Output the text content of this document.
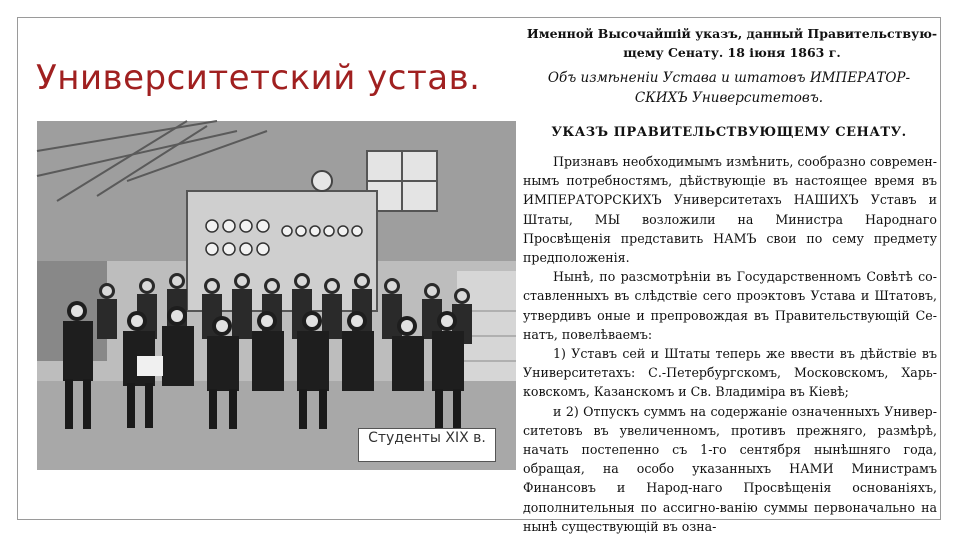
Университетский устав.
Студенты XIX в.
Именной Высочайшій указъ, данный Правительствую-
щему Сенату. 18 іюня 1863 г.
Объ измѣненіи Устава и штатовъ ИМПЕРАТОР-
СКИХЪ Университетовъ.
УКАЗЪ ПРАВИТЕЛЬСТВУЮЩЕМУ СЕНАТУ.

Признавъ необходимымъ измѣнить, сообразно современ-нымъ потребностямъ, дѣйствующіе въ настоящее время въ ИМПЕРАТОРСКИХЪ Университетахъ НАШИХЪ Уставъ и Штаты, МЫ возложили на Министра Народнаго Просвѣщенія представить НАМЪ свои по сему предмету предположенія.

Нынѣ, по разсмотрѣніи въ Государственномъ Совѣтѣ со-ставленныхъ въ слѣдствіе сего проэктовъ Устава и Штатовъ, утвердивъ оные и препровождая въ Правительствующій Се-натъ, повелѣваемъ:

1) Уставъ сей и Штаты теперь же ввести въ дѣйствіе въ Университетахъ: С.-Петербургскомъ, Московскомъ, Харь-ковскомъ, Казанскомъ и Св. Владиміра въ Кіевѣ;

и 2) Отпускъ суммъ на содержаніе означенныхъ Универ-ситетовъ въ увеличенномъ, противъ прежняго, размѣрѣ, начать постепенно съ 1-го сентября нынѣшняго года, обращая, на особо указанныхъ НАМИ Министрамъ Финансовъ и Народ-наго Просвѣщенія основаніяхъ, дополнительныя по ассигно-ванію суммы первоначально на нынѣ существующій въ озна-
